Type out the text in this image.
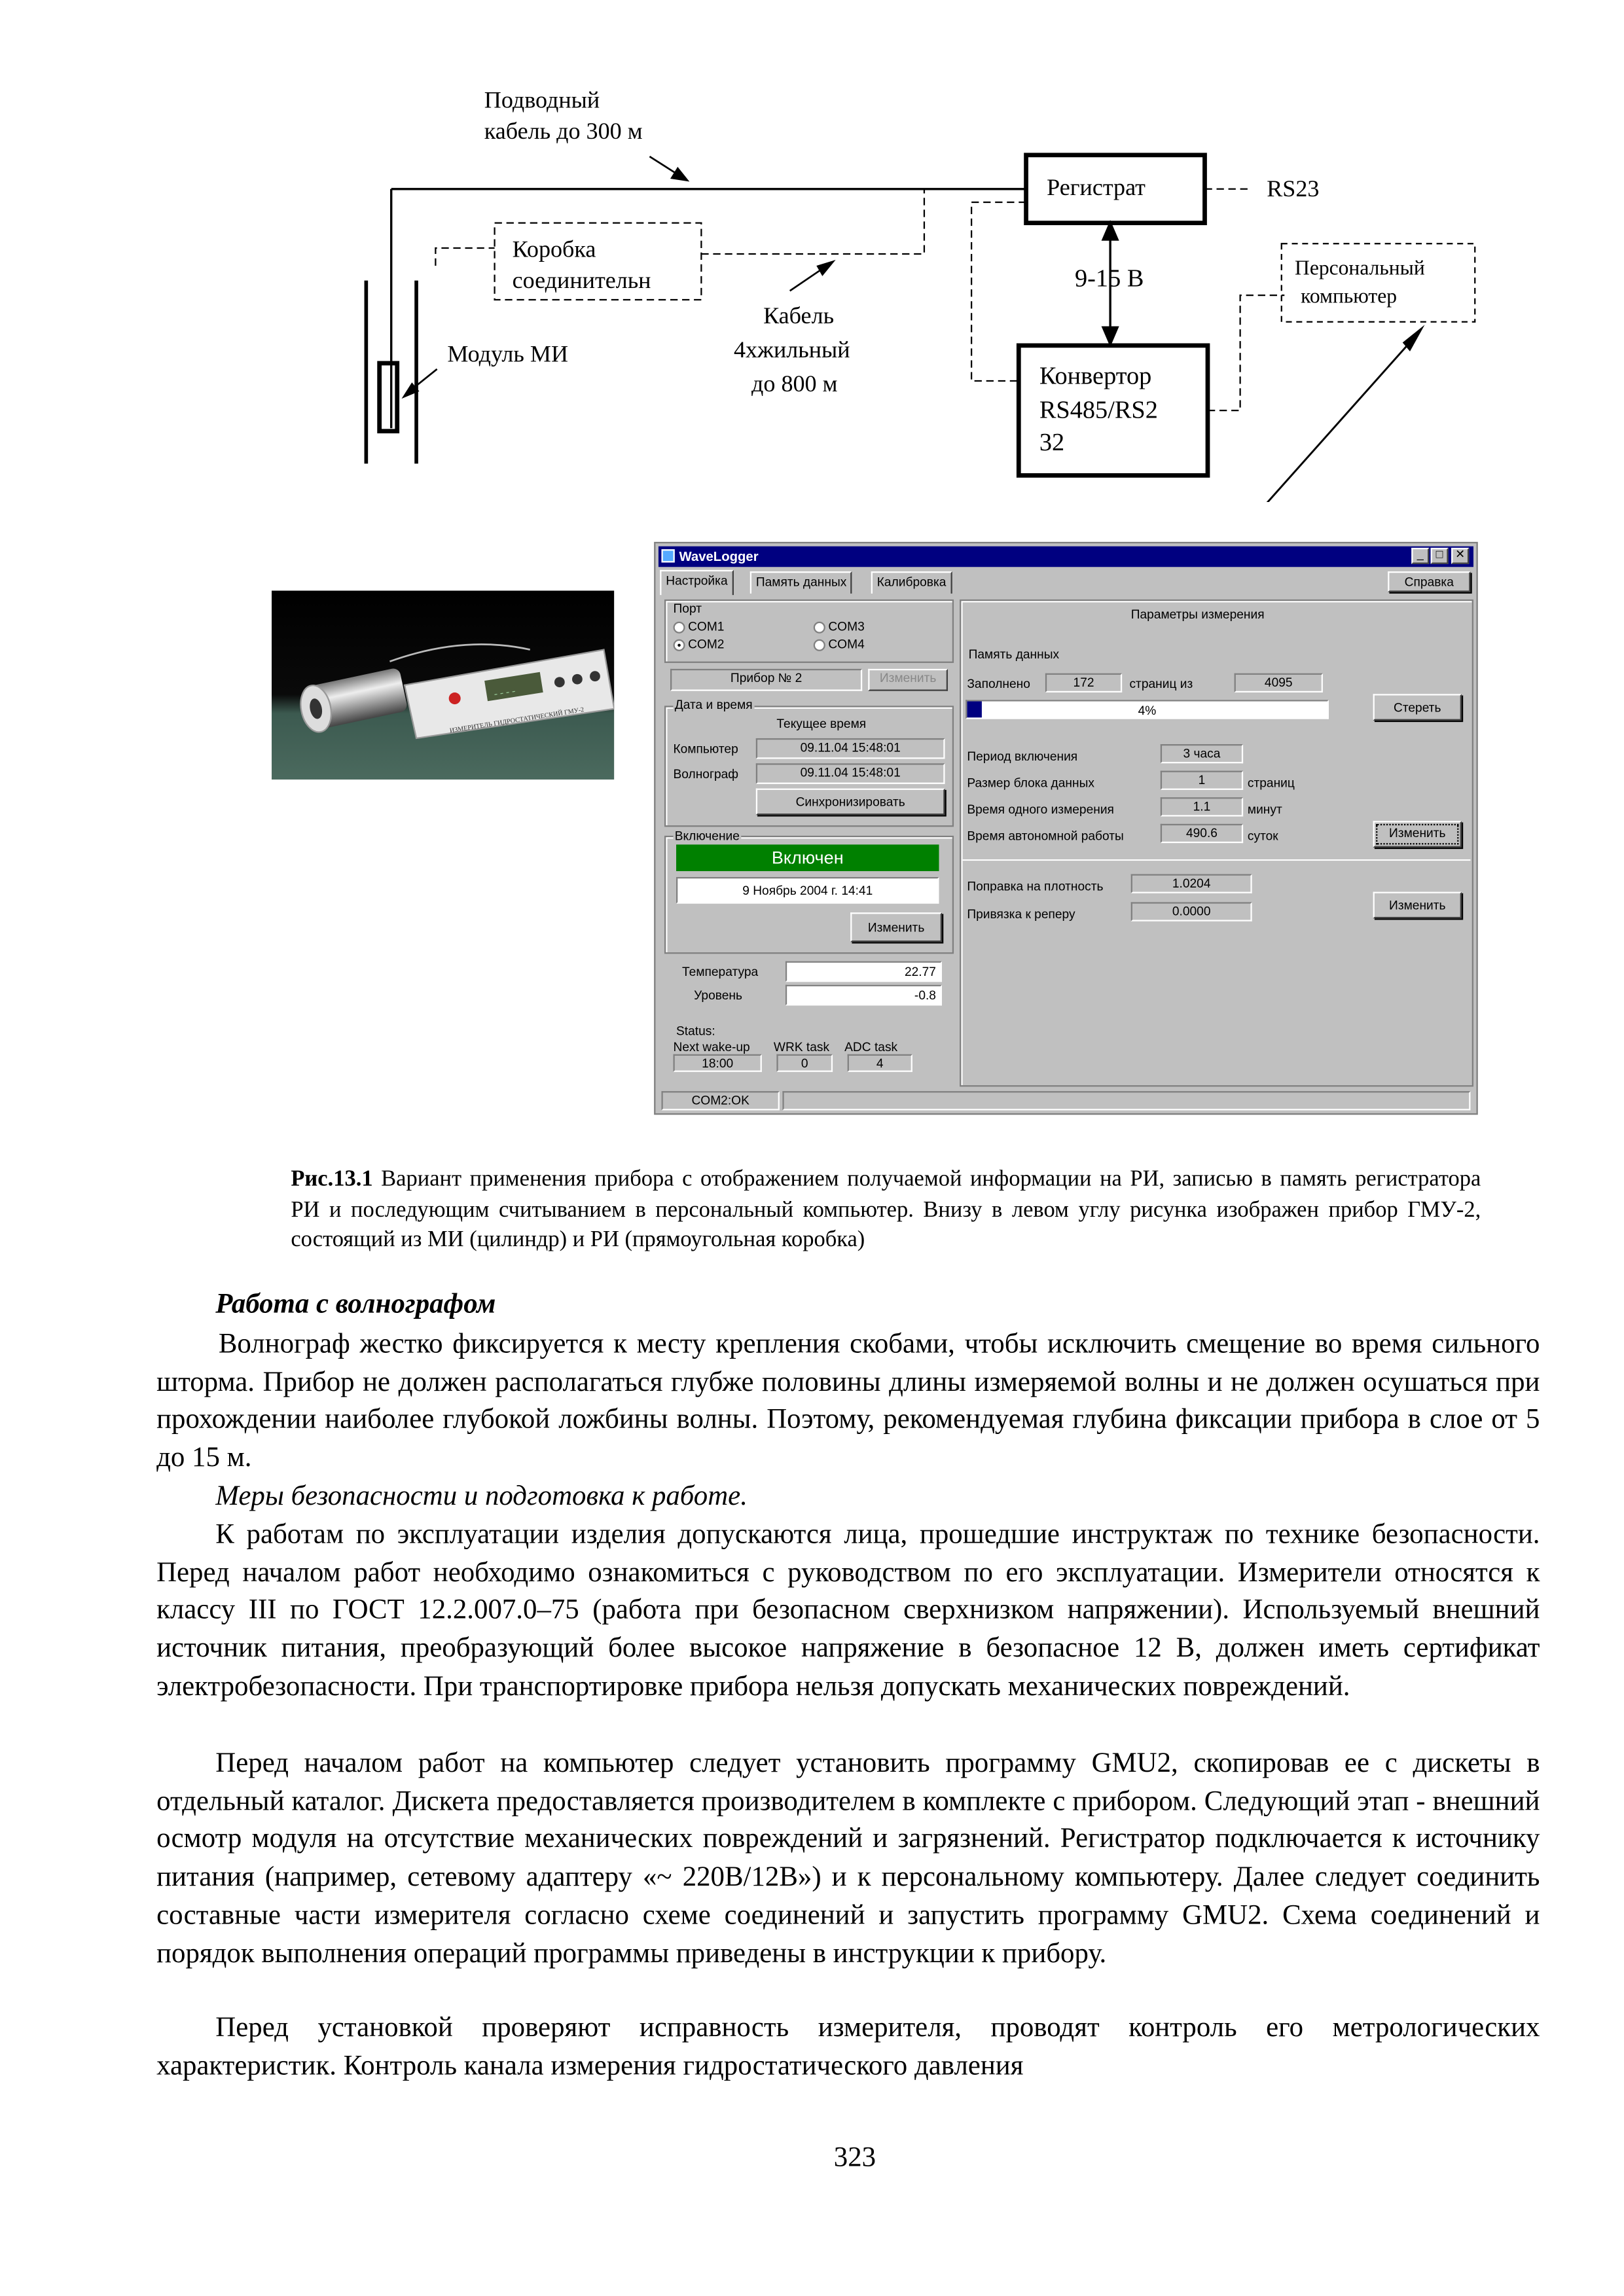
Подводный
кабель до 300 м
Регистрат	RS23
9-15 В	Персональный
компьютер
Коробка
соединительн
Модуль МИ
Кабель
4хжильный
до 800 м	Конвертор
RS485/RS2
32
- - - -
ИЗМЕРИТЕЛЬ ГИДРОСТАТИЧЕСКИЙ ГМУ-2
WaveLogger	_	□	✕
Настройка	Память данных	Калибровка	Справка
Порт
COM1
COM2
COM3
COM4
Прибор № 2	Изменить
Дата и время
Текущее время
Компьютер	09.11.04 15:48:01
Волнограф	09.11.04 15:48:01
Синхронизировать
Включение
Включен
9 Ноябрь 2004 г. 14:41
Изменить
Температура	22.77
Уровень	-0.8
Status:
Next wake-up	WRK task	ADC task
18:00	0	4
Параметры измерения
Память данных
Заполнено	172	страниц из	4095
4%	Стереть
Период включения	3 часа
Размер блока данных	1	страниц
Время одного измерения	1.1	минут
Время автономной работы	490.6	суток	Изменить
Поправка на плотность	1.0204
Привязка к реперу	0.0000	Изменить
COM2:OK
Рис.13.1 Вариант применения прибора с отображением получаемой информации на РИ, записью в память регистратора РИ и последующим считыванием в персональный компьютер. Внизу в левом углу рисунка изображен прибор ГМУ-2, состоящий из МИ (цилиндр) и РИ (прямоугольная коробка)
Работа с волнографом

Волнограф жестко фиксируется к месту крепления скобами, чтобы исключить смещение во время сильного шторма. Прибор не должен располагаться глубже половины длины измеряемой волны и не должен осушаться при прохождении наиболее глубокой ложбины волны. Поэтому, рекомендуемая глубина фиксации прибора в слое от 5 до 15 м.

Меры безопасности и подготовка к работе.

К работам по эксплуатации изделия допускаются лица, прошедшие инструктаж по технике безопасности. Перед началом работ необходимо ознакомиться с руководством по его эксплуатации. Измерители относятся к классу III по ГОСТ 12.2.007.0–75 (работа при безопасном сверхнизком напряжении). Используемый внешний источник питания, преобразующий более высокое напряжение в безопасное 12 В, должен иметь сертификат электробезопасности. При транспортировке прибора нельзя допускать механических повреждений.

Перед началом работ на компьютер следует установить программу GMU2, скопировав ее с дискеты в отдельный каталог. Дискета предоставляется производителем в комплекте с прибором. Следующий этап - внешний осмотр модуля на отсутствие механических повреждений и загрязнений. Регистратор подключается к источнику питания (например, сетевому адаптеру «~ 220В/12В») и к персональному компьютеру. Далее следует соединить составные части измерителя согласно схеме соединений и запустить программу GMU2. Схема соединений и порядок выполнения операций программы приведены в инструкции к прибору.

Перед установкой проверяют исправность измерителя, проводят контроль его метрологических характеристик. Контроль канала измерения гидростатического давления

323
